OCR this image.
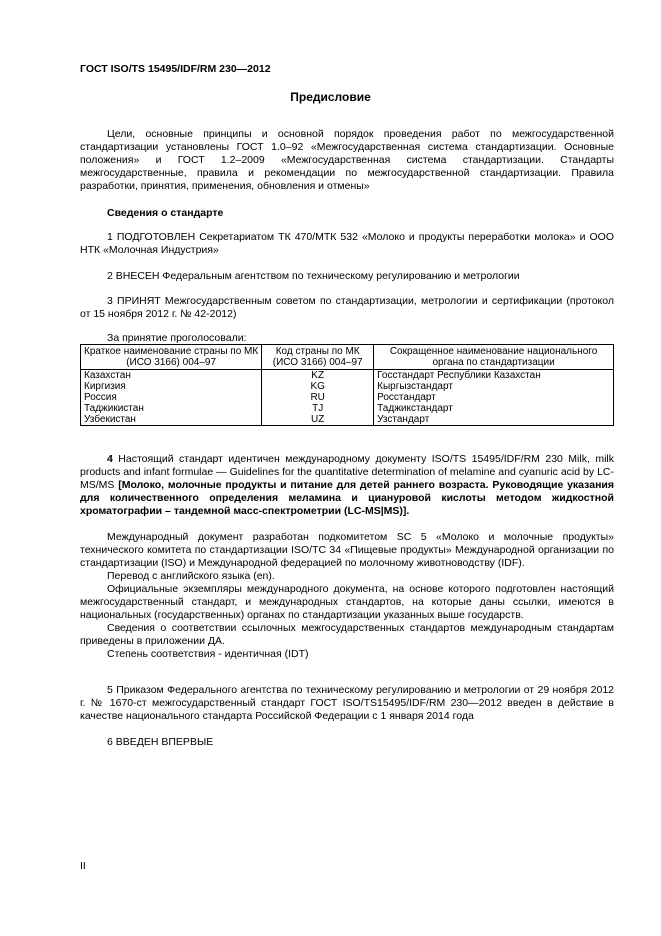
ГОСТ ISO/TS 15495/IDF/RM 230—2012
Предисловие
Цели, основные принципы и основной порядок проведения работ по межгосударственной стандартизации установлены ГОСТ 1.0–92 «Межгосударственная система стандартизации. Основные положения» и ГОСТ 1.2–2009 «Межгосударственная система стандартизации. Стандарты межгосударственные, правила и рекомендации по межгосударственной стандартизации. Правила разработки, принятия, применения, обновления и отмены»
Сведения о стандарте
1 ПОДГОТОВЛЕН Секретариатом ТК 470/МТК 532 «Молоко и продукты переработки молока» и ООО НТК «Молочная Индустрия»
2 ВНЕСЕН Федеральным агентством по техническому регулированию и метрологии
3 ПРИНЯТ Межгосударственным советом по стандартизации, метрологии и сертификации (протокол от 15 ноября 2012 г. № 42-2012)
За принятие проголосовали:
Краткое наименование страны по МК (ИСО 3166) 004–97	Код страны по МК (ИСО 3166) 004–97	Сокращенное наименование национального органа по стандартизации
Казахстан	KZ	Госстандарт Республики Казахстан
Киргизия	KG	Кыргызстандарт
Россия	RU	Росстандарт
Таджикистан	TJ	Таджикстандарт
Узбекистан	UZ	Узстандарт
4 Настоящий стандарт идентичен международному документу ISO/TS 15495/IDF/RM 230 Milk, milk products and infant formulae — Guidelines for the quantitative determination of melamine and cyanuric acid by LC-MS/MS [Молоко, молочные продукты и питание для детей раннего возраста. Руководящие указания для количественного определения меламина и циануровой кислоты методом жидкостной хроматографии – тандемной масс-спектрометрии (LC-MS|MS)].

Международный документ разработан подкомитетом SC 5 «Молоко и молочные продукты» технического комитета по стандартизации ISO/TC 34 «Пищевые продукты» Международной организации по стандартизации (ISO) и Международной федерацией по молочному животноводству (IDF).

Перевод с английского языка (en).

Официальные экземпляры международного документа, на основе которого подготовлен настоящий межгосударственный стандарт, и международных стандартов, на которые даны ссылки, имеются в национальных (государственных) органах по стандартизации указанных выше государств.

Сведения о соответствии ссылочных межгосударственных стандартов международным стандартам приведены в приложении ДА.

Степень соответствия - идентичная (IDT)

5 Приказом Федерального агентства по техническому регулированию и метрологии от 29 ноября 2012 г. № 1670-ст межгосударственный стандарт ГОСТ ISO/TS15495/IDF/RM 230—2012 введен в действие в качестве национального стандарта Российской Федерации с 1 января 2014 года
6 ВВЕДЕН ВПЕРВЫЕ
II
